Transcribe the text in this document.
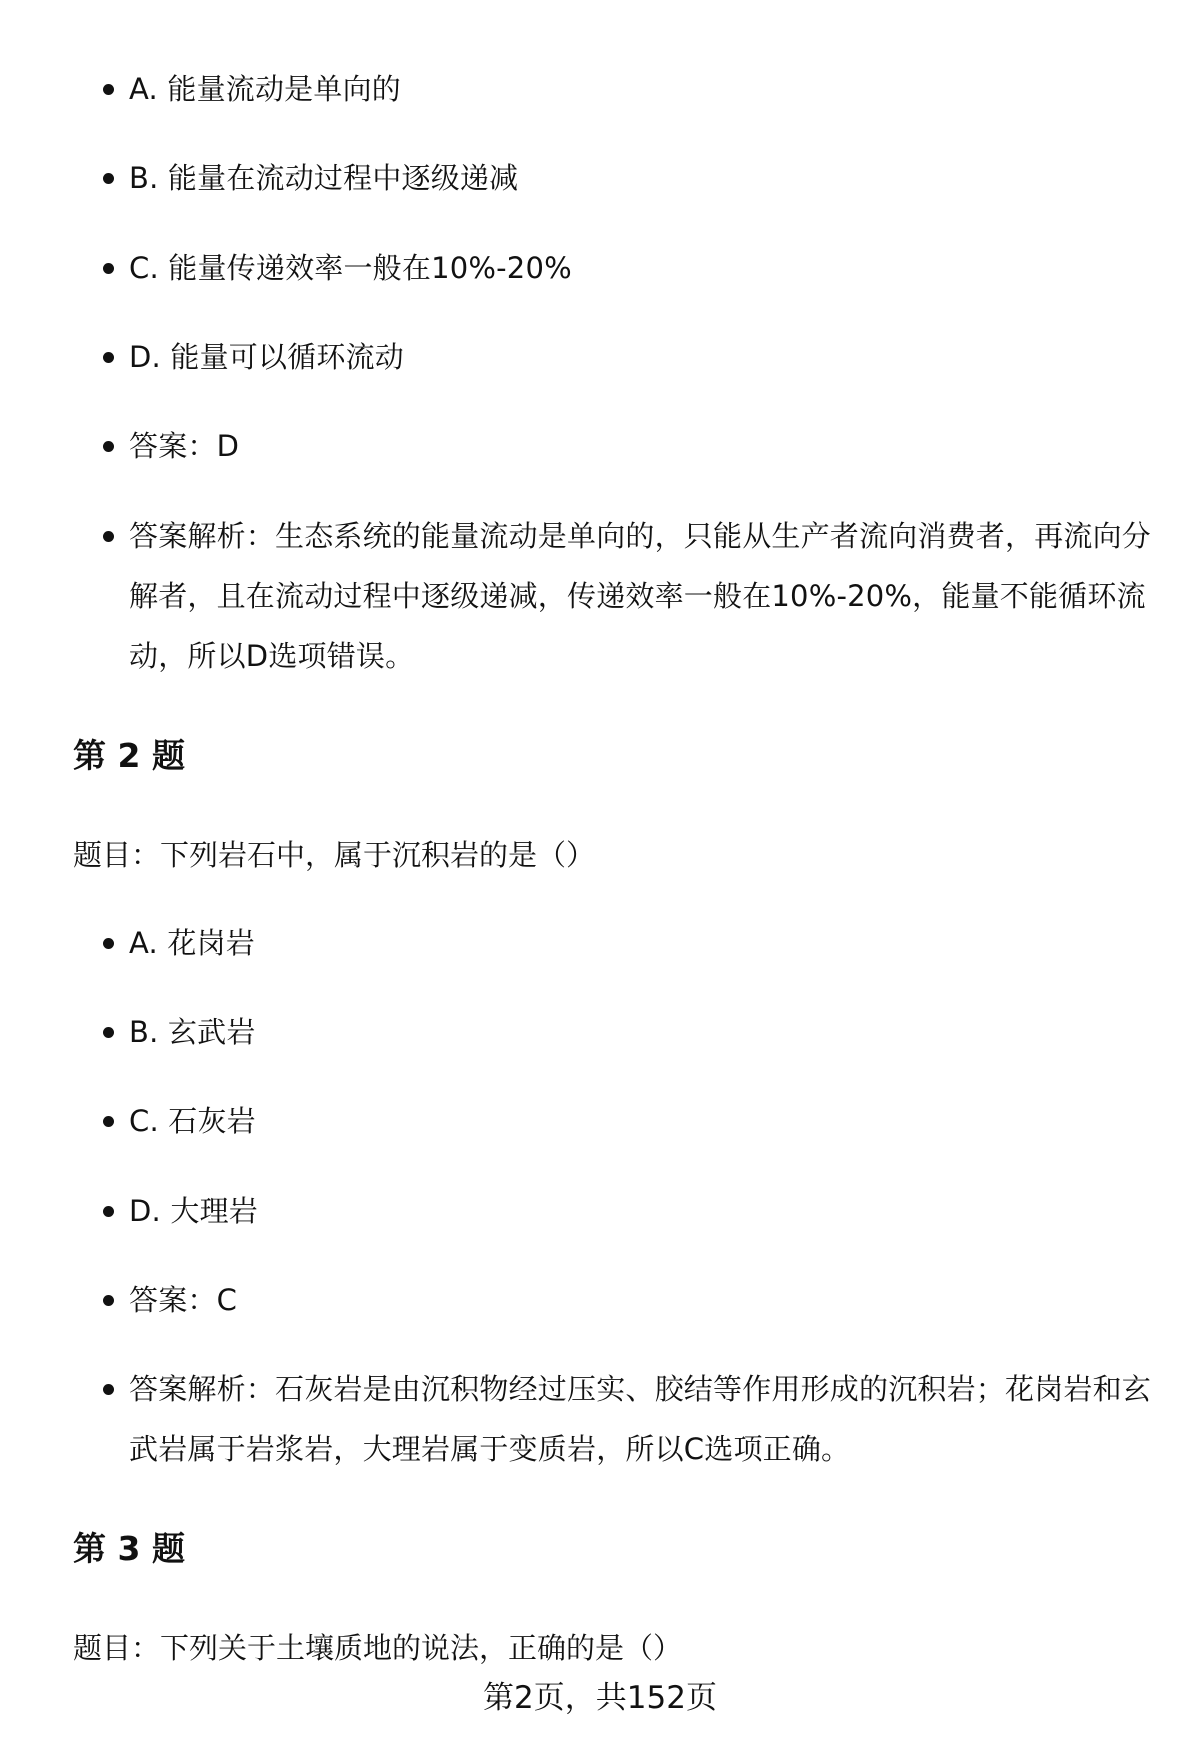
A. 能量流动是单向的
B. 能量在流动过程中逐级递减
C. 能量传递效率一般在10%-20%
D. 能量可以循环流动
答案：D
答案解析：生态系统的能量流动是单向的，只能从生产者流向消费者，再流向分解者，且在流动过程中逐级递减，传递效率一般在10%-20%，能量不能循环流动，所以D选项错误。
第 2 题
题目：下列岩石中，属于沉积岩的是（）
A. 花岗岩
B. 玄武岩
C. 石灰岩
D. 大理岩
答案：C
答案解析：石灰岩是由沉积物经过压实、胶结等作用形成的沉积岩；花岗岩和玄武岩属于岩浆岩，大理岩属于变质岩，所以C选项正确。
第 3 题
题目：下列关于土壤质地的说法，正确的是（）
第2页，共152页
